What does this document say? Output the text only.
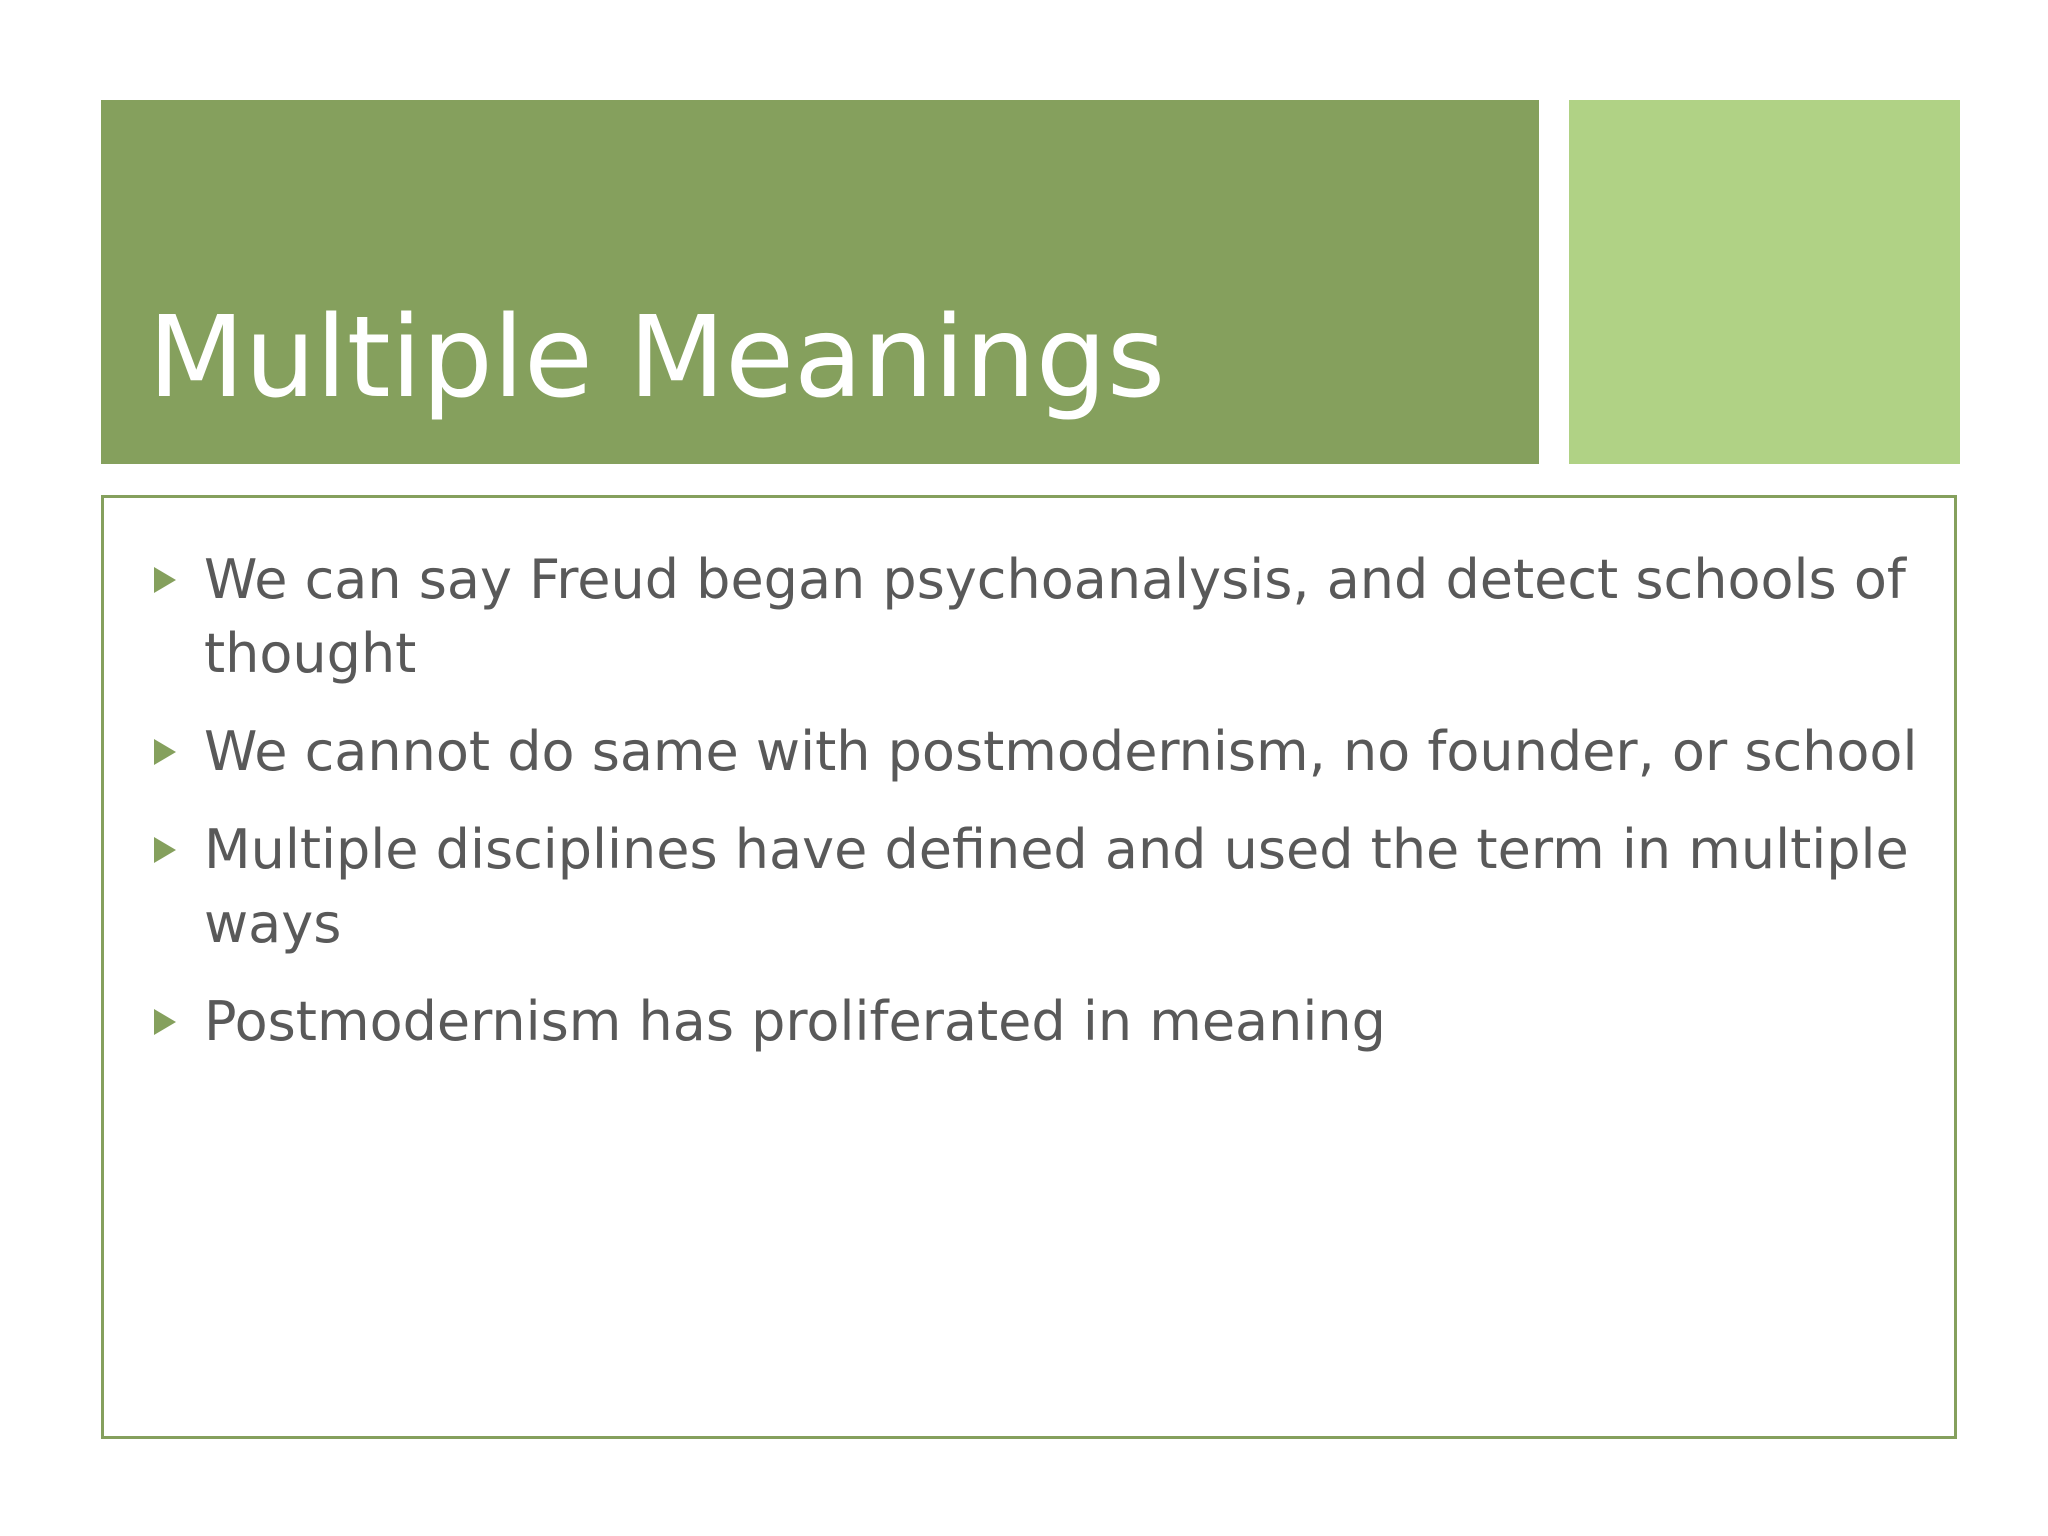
Multiple Meanings
We can say Freud began psychoanalysis, and detect schools of thought
We cannot do same with postmodernism, no founder, or school
Multiple disciplines have defined and used the term in multiple ways
Postmodernism has proliferated in meaning
